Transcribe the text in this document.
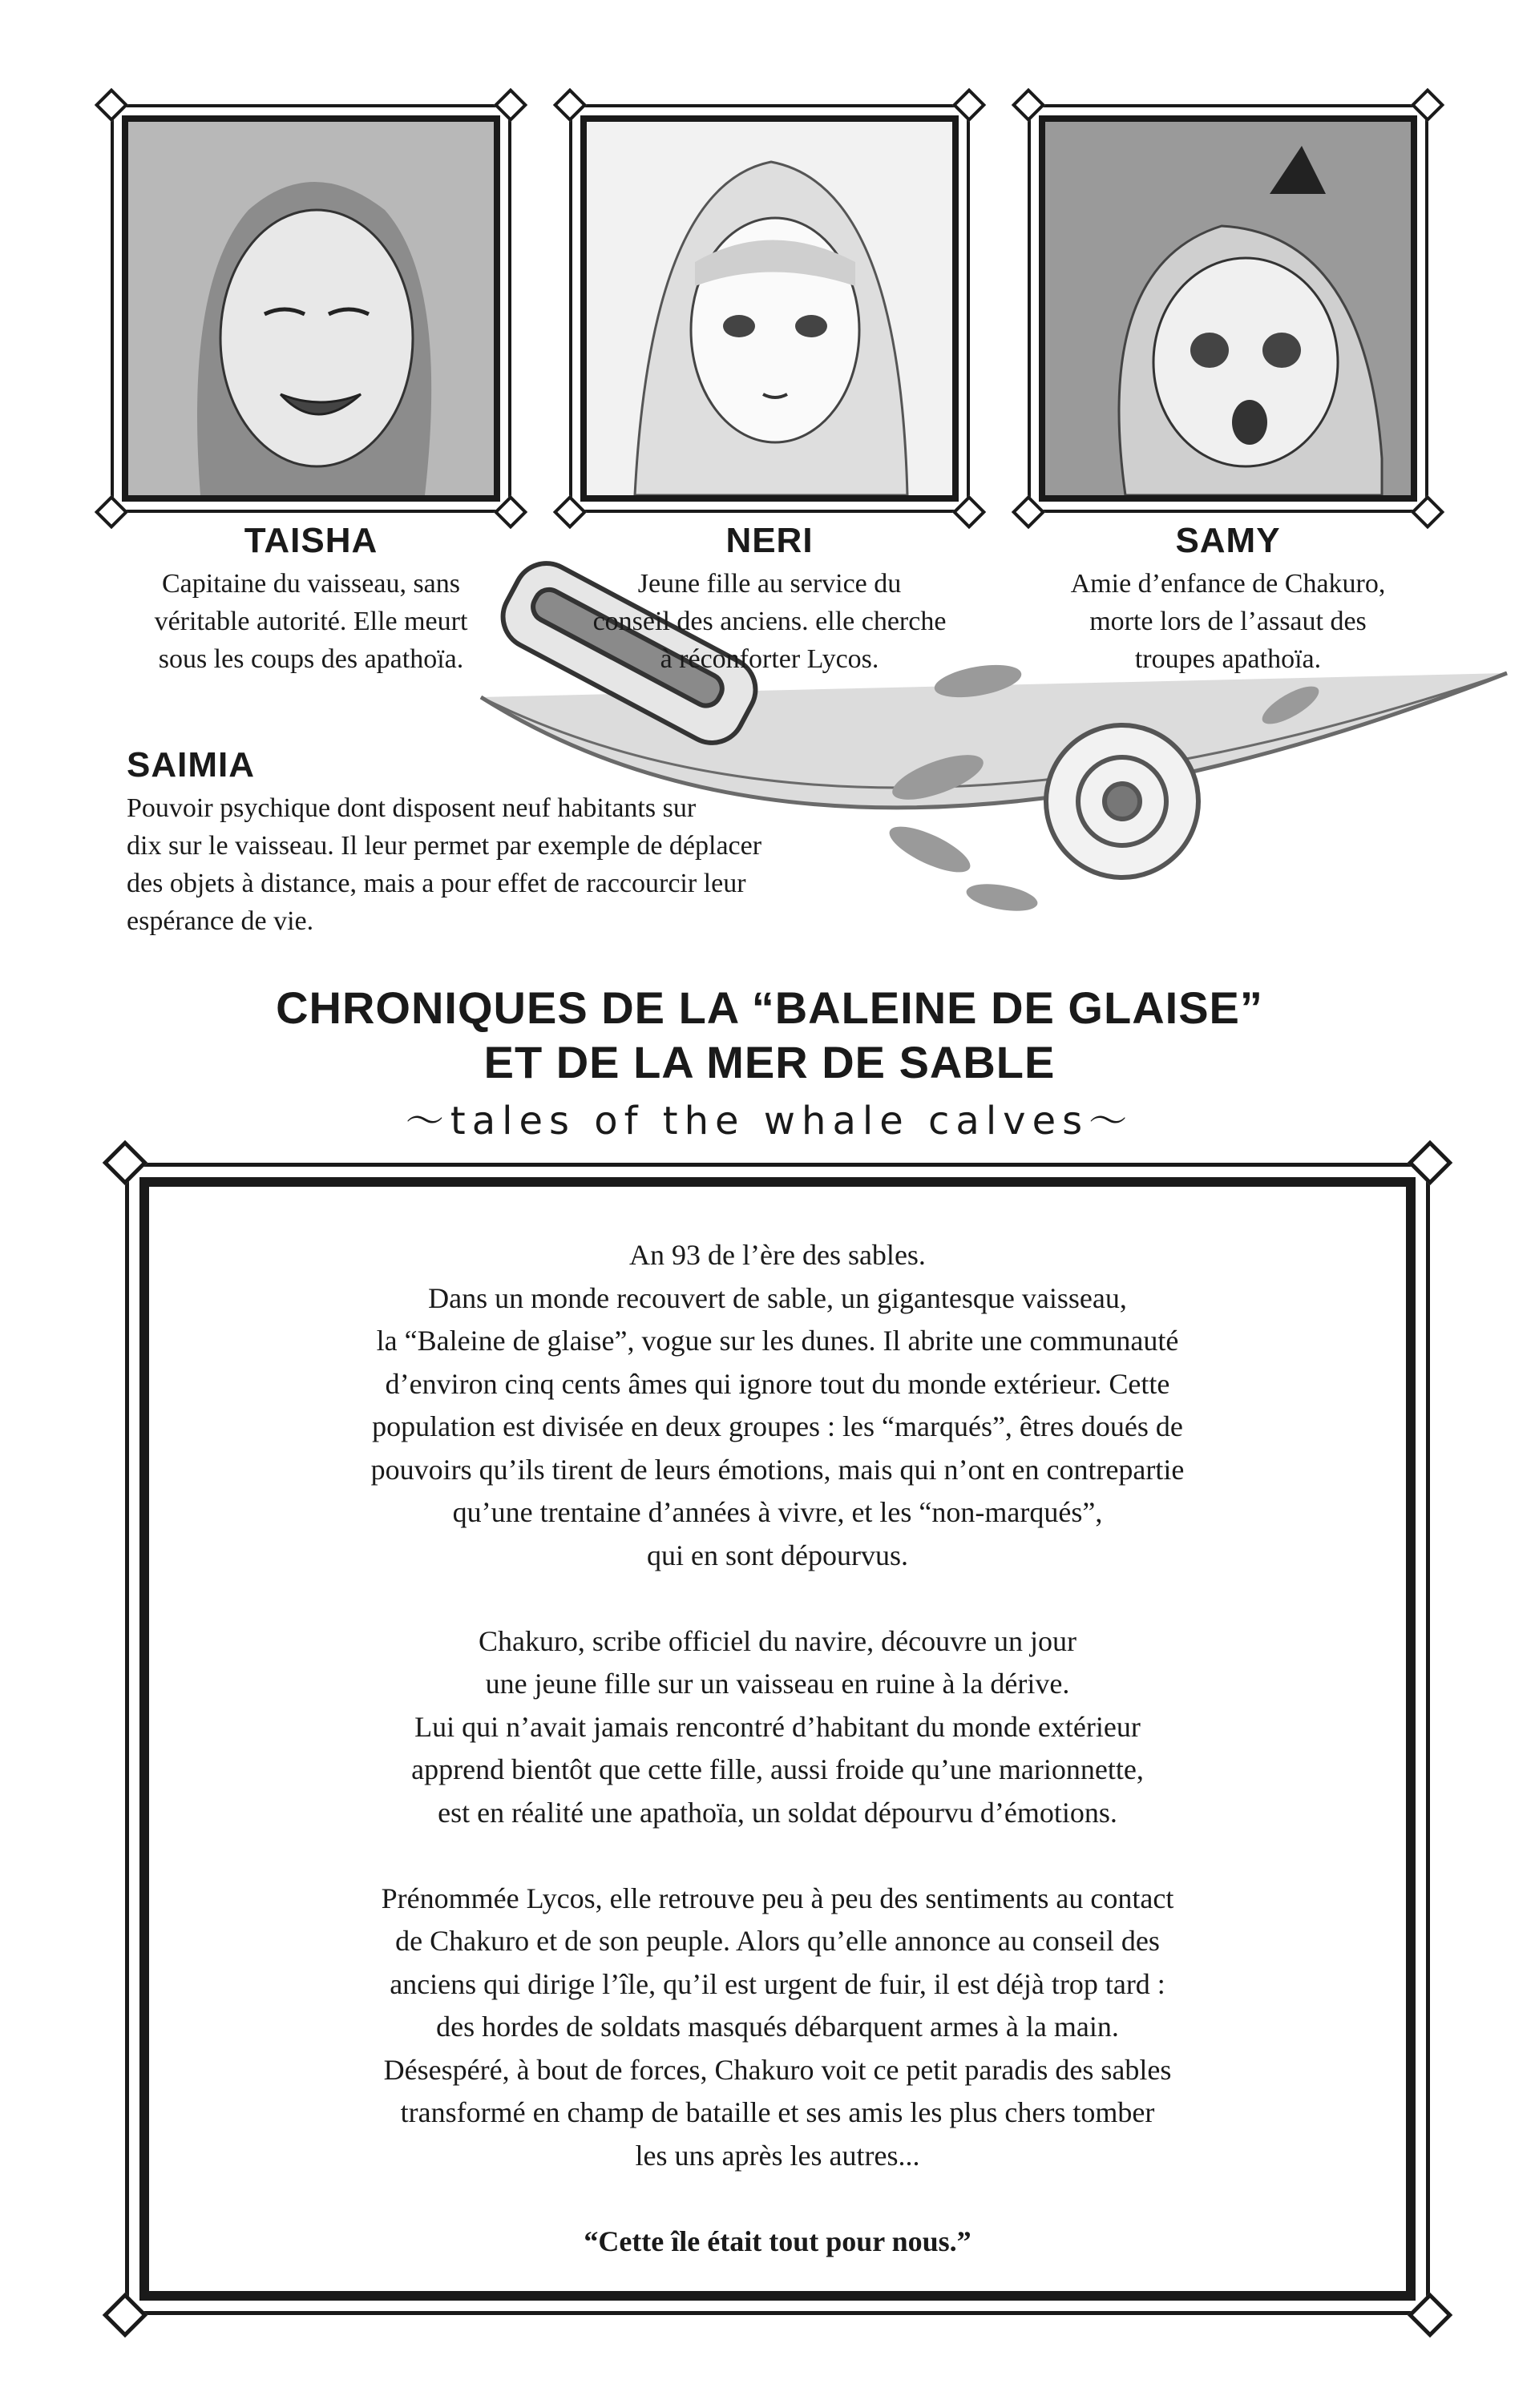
TAISHA
Capitaine du vaisseau, sans
véritable autorité. Elle meurt
sous les coups des apathoïa.
NERI
Jeune fille au service du
conseil des anciens. elle cherche
à réconforter Lycos.
SAMY
Amie d’enfance de Chakuro,
morte lors de l’assaut des
troupes apathoïa.
SAIMIA
Pouvoir psychique dont disposent neuf habitants sur
dix sur le vaisseau. Il leur permet par exemple de déplacer
des objets à distance, mais a pour effet de raccourcir leur
espérance de vie.
CHRONIQUES DE LA “BALEINE DE GLAISE”
ET DE LA MER DE SABLE
〜tales of the whale calves〜

An 93 de l’ère des sables.
Dans un monde recouvert de sable, un gigantesque vaisseau,
la “Baleine de glaise”, vogue sur les dunes. Il abrite une communauté
d’environ cinq cents âmes qui ignore tout du monde extérieur. Cette
population est divisée en deux groupes : les “marqués”, êtres doués de
pouvoirs qu’ils tirent de leurs émotions, mais qui n’ont en contrepartie
qu’une trentaine d’années à vivre, et les “non-marqués”,
qui en sont dépourvus.

Chakuro, scribe officiel du navire, découvre un jour
une jeune fille sur un vaisseau en ruine à la dérive.
Lui qui n’avait jamais rencontré d’habitant du monde extérieur
apprend bientôt que cette fille, aussi froide qu’une marionnette,
est en réalité une apathoïa, un soldat dépourvu d’émotions.

Prénommée Lycos, elle retrouve peu à peu des sentiments au contact
de Chakuro et de son peuple. Alors qu’elle annonce au conseil des
anciens qui dirige l’île, qu’il est urgent de fuir, il est déjà trop tard :
des hordes de soldats masqués débarquent armes à la main.
Désespéré, à bout de forces, Chakuro voit ce petit paradis des sables
transformé en champ de bataille et ses amis les plus chers tomber
les uns après les autres...

“Cette île était tout pour nous.”
